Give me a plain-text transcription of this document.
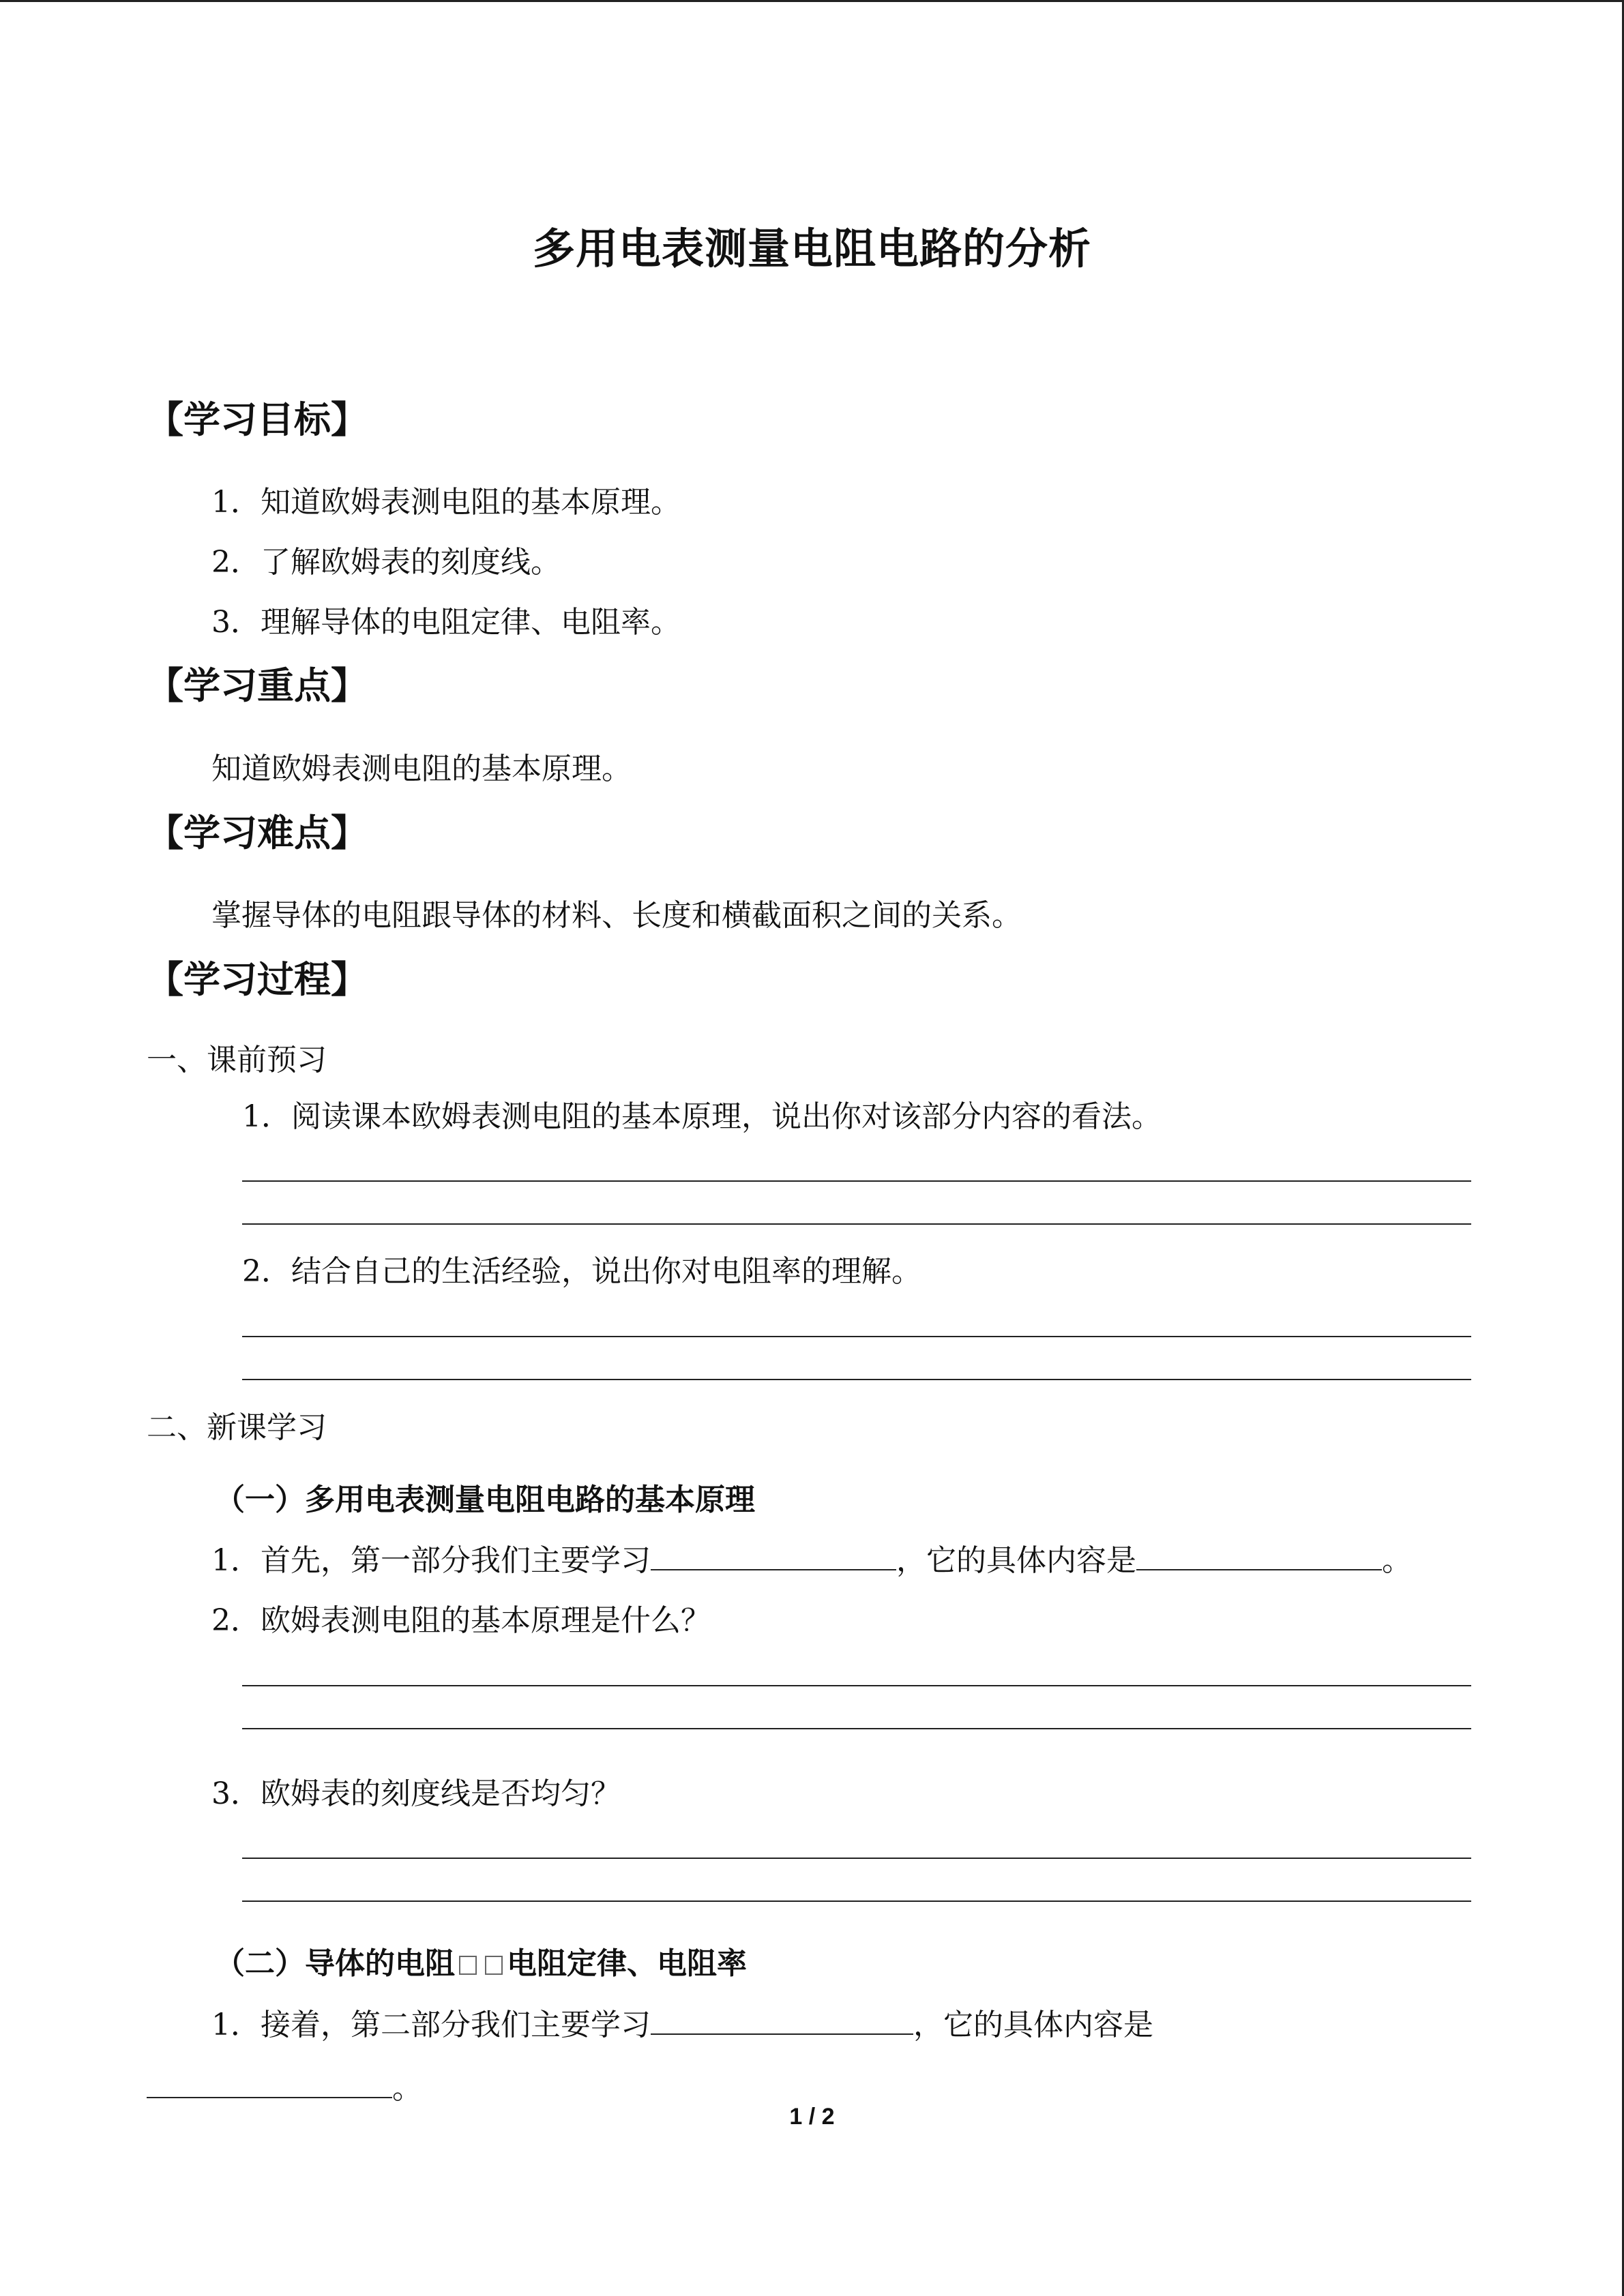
多用电表测量电阻电路的分析
【学习目标】
1．知道欧姆表测电阻的基本原理。
2．了解欧姆表的刻度线。
3．理解导体的电阻定律、电阻率。
【学习重点】
知道欧姆表测电阻的基本原理。
【学习难点】
掌握导体的电阻跟导体的材料、长度和横截面积之间的关系。
【学习过程】
一、课前预习
1．阅读课本欧姆表测电阻的基本原理，说出你对该部分内容的看法。
2．结合自己的生活经验，说出你对电阻率的理解。
二、新课学习
（一）多用电表测量电阻电路的基本原理
1．首先，第一部分我们主要学习	，它的具体内容是	。
2．欧姆表测电阻的基本原理是什么？
3．欧姆表的刻度线是否均匀？
（二）导体的电阻 电阻定律、电阻率
1．接着，第二部分我们主要学习	，它的具体内容是
。
1 / 2
